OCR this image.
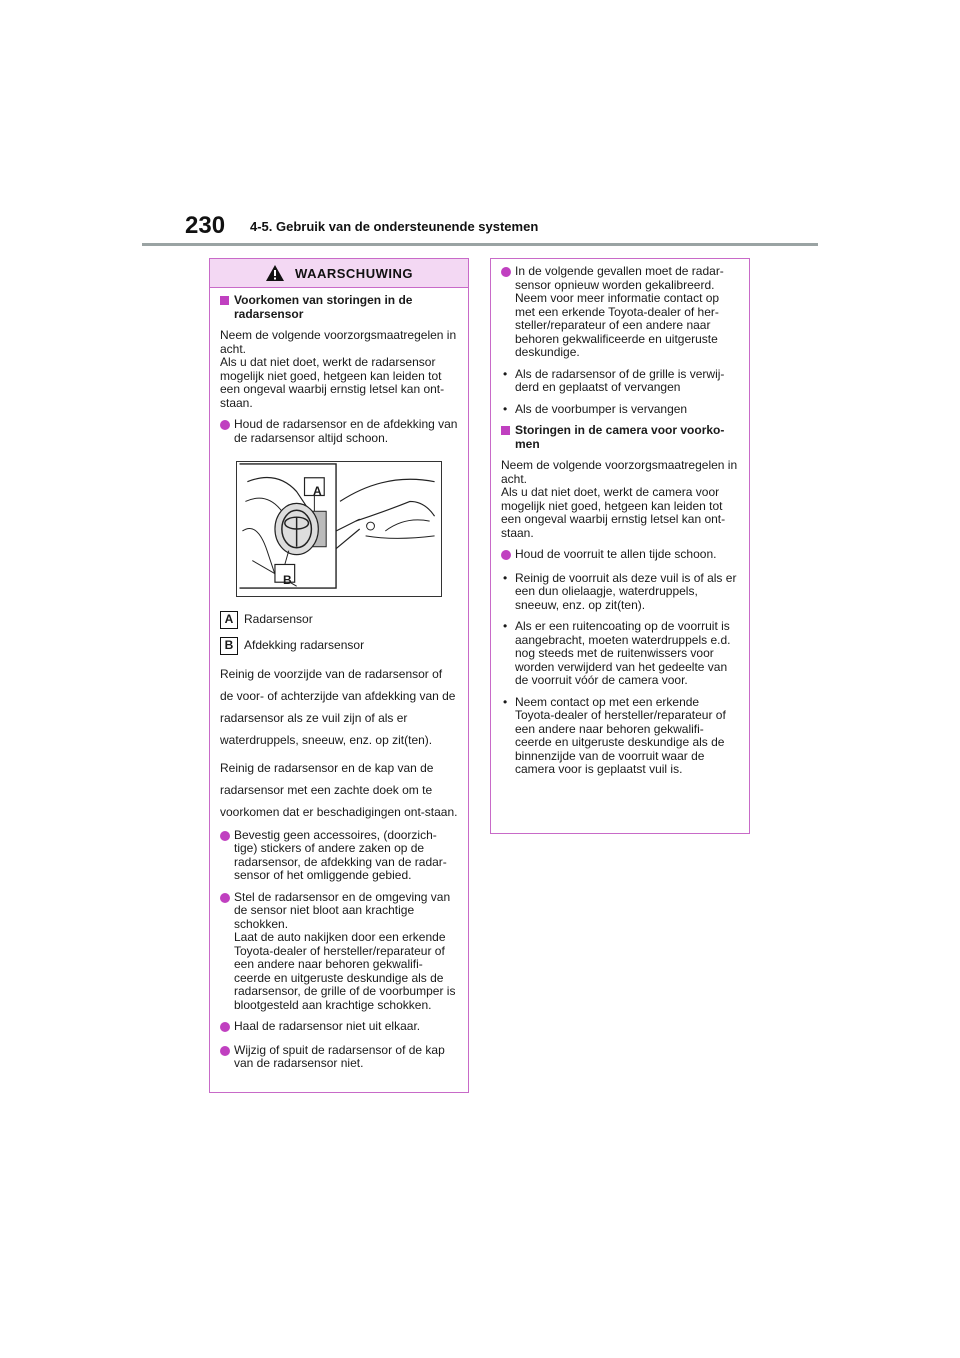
230 4-5. Gebruik van de ondersteunende systemen
WAARSCHUWING
Voorkomen van storingen in de radarsensor

Neem de volgende voorzorgsmaatregelen in acht.
Als u dat niet doet, werkt de radarsensor mogelijk niet goed, hetgeen kan leiden tot een ongeval waarbij ernstig letsel kan ont-staan.

Houd de radarsensor en de afdekking van de radarsensor altijd schoon.
A
B
A Radarsensor
B Afdekking radarsensor

Reinig de voorzijde van de radarsensor of de voor- of achterzijde van afdekking van de radarsensor als ze vuil zijn of als er waterdruppels, sneeuw, enz. op zit(ten).

Reinig de radarsensor en de kap van de radarsensor met een zachte doek om te voorkomen dat er beschadigingen ont-staan.

Bevestig geen accessoires, (doorzich-tige) stickers of andere zaken op de radarsensor, de afdekking van de radar-sensor of het omliggende gebied.
Stel de radarsensor en de omgeving van de sensor niet bloot aan krachtige schokken.
Laat de auto nakijken door een erkende Toyota-dealer of hersteller/reparateur of een andere naar behoren gekwalifi-ceerde en uitgeruste deskundige als de radarsensor, de grille of de voorbumper is blootgesteld aan krachtige schokken.
Haal de radarsensor niet uit elkaar.
Wijzig of spuit de radarsensor of de kap van de radarsensor niet.
In de volgende gevallen moet de radar-sensor opnieuw worden gekalibreerd. Neem voor meer informatie contact op met een erkende Toyota-dealer of her-steller/reparateur of een andere naar behoren gekwalificeerde en uitgeruste deskundige.
• Als de radarsensor of de grille is verwij-derd en geplaatst of vervangen
• Als de voorbumper is vervangen
Storingen in de camera voor voorko-men

Neem de volgende voorzorgsmaatregelen in acht.
Als u dat niet doet, werkt de camera voor mogelijk niet goed, hetgeen kan leiden tot een ongeval waarbij ernstig letsel kan ont-staan.

Houd de voorruit te allen tijde schoon.
• Reinig de voorruit als deze vuil is of als er een dun olielaagje, waterdruppels, sneeuw, enz. op zit(ten).
• Als er een ruitencoating op de voorruit is aangebracht, moeten waterdruppels e.d. nog steeds met de ruitenwissers voor worden verwijderd van het gedeelte van de voorruit vóór de camera voor.
• Neem contact op met een erkende Toyota-dealer of hersteller/reparateur of een andere naar behoren gekwalifi-ceerde en uitgeruste deskundige als de binnenzijde van de voorruit waar de camera voor is geplaatst vuil is.
